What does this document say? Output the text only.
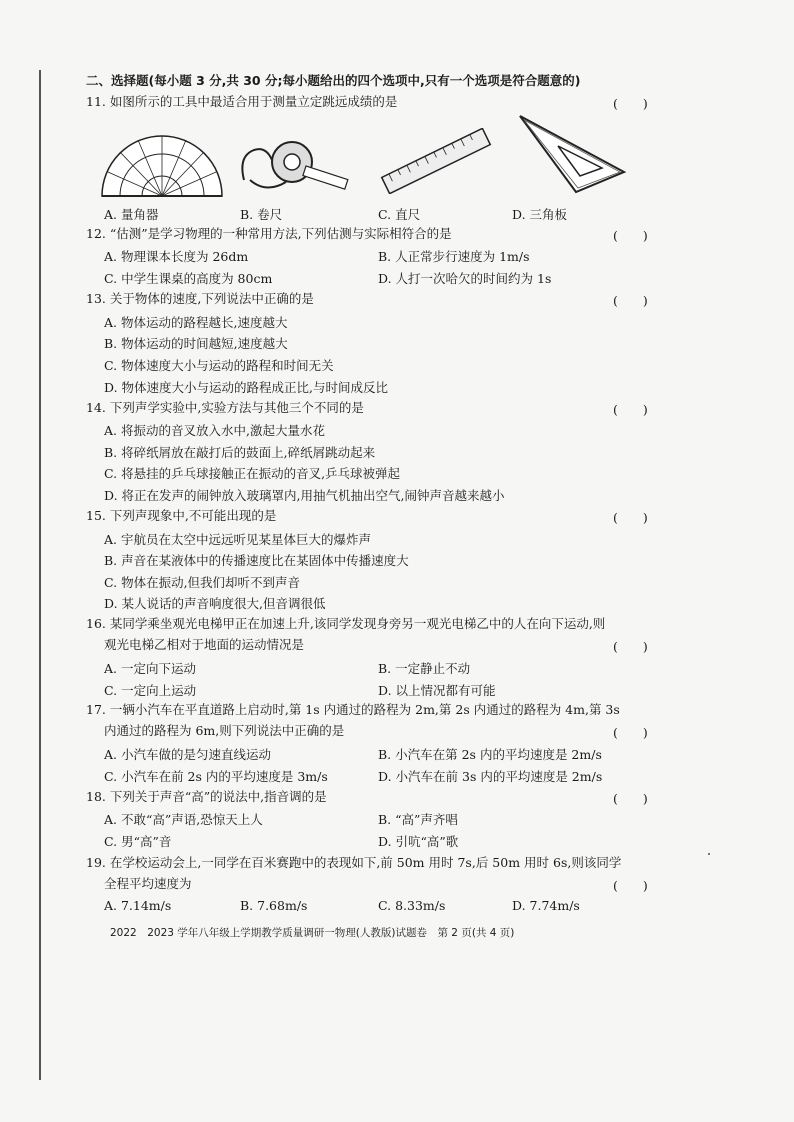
二、选择题(每小题 3 分,共 30 分;每小题给出的四个选项中,只有一个选项是符合题意的)
11. 如图所示的工具中最适合用于测量立定跳远成绩的是	(　　)
A. 量角器	B. 卷尺	C. 直尺	D. 三角板
12. “估测”是学习物理的一种常用方法,下列估测与实际相符合的是	(　　)
A. 物理课本长度为 26dm	B. 人正常步行速度为 1m/s
C. 中学生课桌的高度为 80cm	D. 人打一次哈欠的时间约为 1s
13. 关于物体的速度,下列说法中正确的是	(　　)
A. 物体运动的路程越长,速度越大
B. 物体运动的时间越短,速度越大
C. 物体速度大小与运动的路程和时间无关
D. 物体速度大小与运动的路程成正比,与时间成反比
14. 下列声学实验中,实验方法与其他三个不同的是	(　　)
A. 将振动的音叉放入水中,激起大量水花
B. 将碎纸屑放在敲打后的鼓面上,碎纸屑跳动起来
C. 将悬挂的乒乓球接触正在振动的音叉,乒乓球被弹起
D. 将正在发声的闹钟放入玻璃罩内,用抽气机抽出空气,闹钟声音越来越小
15. 下列声现象中,不可能出现的是	(　　)
A. 宇航员在太空中远远听见某星体巨大的爆炸声
B. 声音在某液体中的传播速度比在某固体中传播速度大
C. 物体在振动,但我们却听不到声音
D. 某人说话的声音响度很大,但音调很低
16. 某同学乘坐观光电梯甲正在加速上升,该同学发现身旁另一观光电梯乙中的人在向下运动,则
观光电梯乙相对于地面的运动情况是	(　　)
A. 一定向下运动	B. 一定静止不动
C. 一定向上运动	D. 以上情况都有可能
17. 一辆小汽车在平直道路上启动时,第 1s 内通过的路程为 2m,第 2s 内通过的路程为 4m,第 3s
内通过的路程为 6m,则下列说法中正确的是	(　　)
A. 小汽车做的是匀速直线运动	B. 小汽车在第 2s 内的平均速度是 2m/s
C. 小汽车在前 2s 内的平均速度是 3m/s	D. 小汽车在前 3s 内的平均速度是 2m/s
18. 下列关于声音“高”的说法中,指音调的是	(　　)
A. 不敢“高”声语,恐惊天上人	B. “高”声齐唱
C. 男“高”音	D. 引吭“高”歌
19. 在学校运动会上,一同学在百米赛跑中的表现如下,前 50m 用时 7s,后 50m 用时 6s,则该同学
全程平均速度为	(　　)
A. 7.14m/s	B. 7.68m/s	C. 8.33m/s	D. 7.74m/s
2022　2023 学年八年级上学期教学质量调研一物理(人教版)试题卷　第 2 页(共 4 页)
